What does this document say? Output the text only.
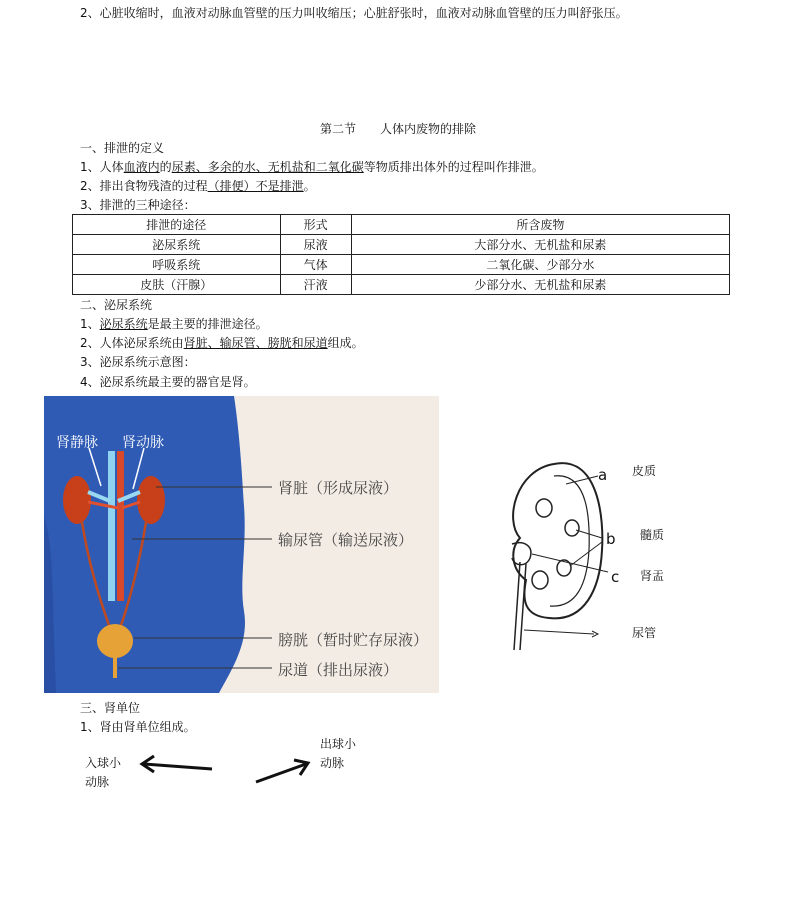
2、心脏收缩时，血液对动脉血管壁的压力叫收缩压；心脏舒张时，血液对动脉血管壁的压力叫舒张压。
第二节　　人体内废物的排除
一、排泄的定义
1、人体血液内的尿素、多余的水、无机盐和二氧化碳等物质排出体外的过程叫作排泄。
2、排出食物残渣的过程（排便）不是排泄。
3、排泄的三种途径：
排泄的途径	形式	所含废物
泌尿系统	尿液	大部分水、无机盐和尿素
呼吸系统	气体	二氧化碳、少部分水
皮肤（汗腺）	汗液	少部分水、无机盐和尿素
二、泌尿系统
1、泌尿系统是最主要的排泄途径。
2、人体泌尿系统由肾脏、输尿管、膀胱和尿道组成。
3、泌尿系统示意图：
4、泌尿系统最主要的器官是肾。
肾静脉 肾动脉
肾脏（形成尿液）
输尿管（输送尿液）
膀胱（暂时贮存尿液）
尿道（排出尿液）
a
b
c
皮质
髓质
肾盂
尿管
三、肾单位
1、肾由肾单位组成。
入球小
动脉
出球小
动脉
